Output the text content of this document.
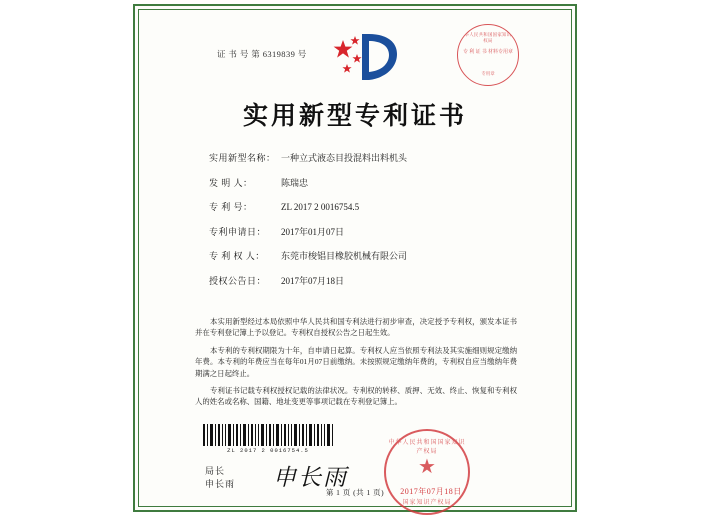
证 书 号 第 6319839 号
中华人民共和国国家知识产权局
专 利 证 书 材料专用章
专用章
实用新型专利证书
实用新型名称： 一种立式液态目投混料出料机头
发 明 人：	陈瑞忠
专 利 号：	ZL 2017 2 0016754.5
专利申请日： 2017年01月07日
专 利 权 人： 东莞市梭锠目橡胶机械有限公司
授权公告日： 2017年07月18日

本实用新型经过本局依照中华人民共和国专利法进行初步审查，决定授予专利权，颁发本证书并在专利登记簿上予以登记。专利权自授权公告之日起生效。

本专利的专利权期限为十年，自申请日起算。专利权人应当依照专利法及其实施细则规定缴纳年费。本专利的年费应当在每年01月07日前缴纳。未按照规定缴纳年费的，专利权自应当缴纳年费期满之日起终止。

专利证书记载专利权授权记载的法律状况。专利权的转移、质押、无效、终止、恢复和专利权人的姓名或名称、国籍、地址变更等事项记载在专利登记簿上。

ZL 2017 2 0016754.5
局长
申长雨 申长雨
中华人民共和国国家知识产权局
★
国家知识产权局
2017年07月18日
第 1 页 (共 1 页)
